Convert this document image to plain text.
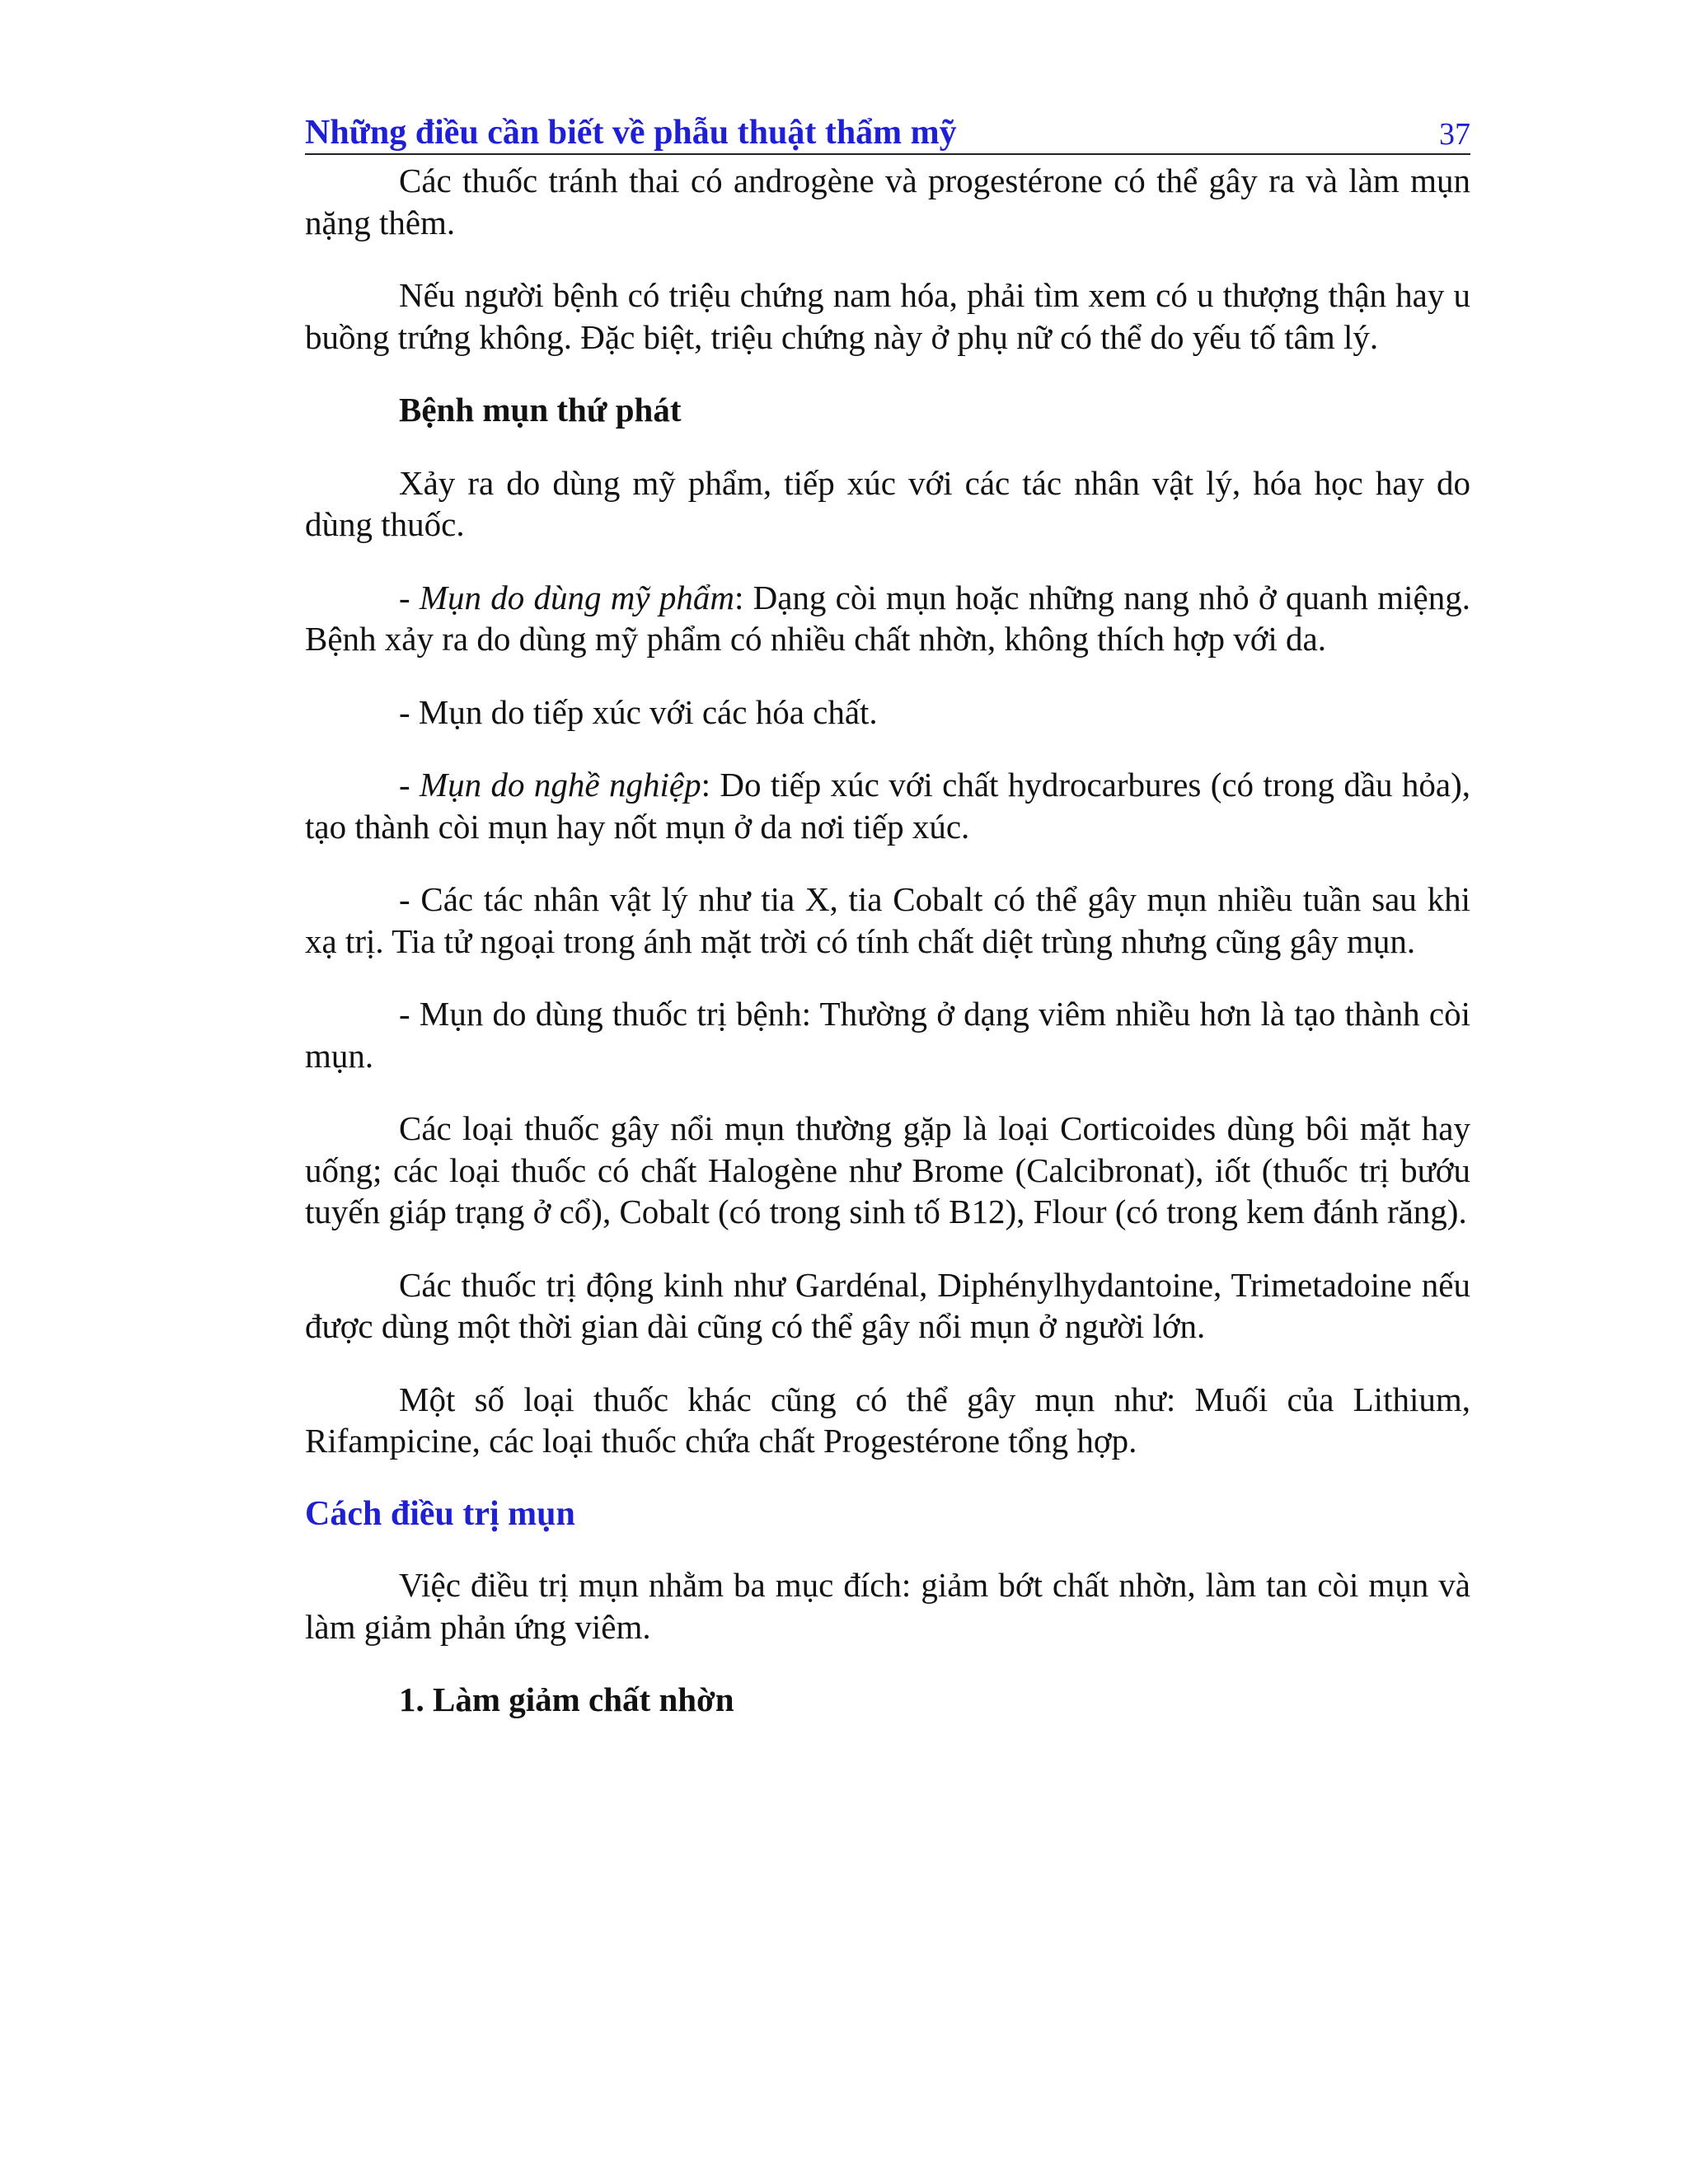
Những điều cần biết về phẫu thuật thẩm mỹ	37

Các thuốc tránh thai có androgène và progestérone có thể gây ra và làm mụn nặng thêm.

Nếu người bệnh có triệu chứng nam hóa, phải tìm xem có u thượng thận hay u buồng trứng không. Đặc biệt, triệu chứng này ở phụ nữ có thể do yếu tố tâm lý.

Bệnh mụn thứ phát

Xảy ra do dùng mỹ phẩm, tiếp xúc với các tác nhân vật lý, hóa học hay do dùng thuốc.

- Mụn do dùng mỹ phẩm: Dạng còi mụn hoặc những nang nhỏ ở quanh miệng. Bệnh xảy ra do dùng mỹ phẩm có nhiều chất nhờn, không thích hợp với da.

- Mụn do tiếp xúc với các hóa chất.

- Mụn do nghề nghiệp: Do tiếp xúc với chất hydrocarbures (có trong dầu hỏa), tạo thành còi mụn hay nốt mụn ở da nơi tiếp xúc.

- Các tác nhân vật lý như tia X, tia Cobalt có thể gây mụn nhiều tuần sau khi xạ trị. Tia tử ngoại trong ánh mặt trời có tính chất diệt trùng nhưng cũng gây mụn.

- Mụn do dùng thuốc trị bệnh: Thường ở dạng viêm nhiều hơn là tạo thành còi mụn.

Các loại thuốc gây nổi mụn thường gặp là loại Corticoides dùng bôi mặt hay uống; các loại thuốc có chất Halogène như Brome (Calcibronat), iốt (thuốc trị bướu tuyến giáp trạng ở cổ), Cobalt (có trong sinh tố B12), Flour (có trong kem đánh răng).

Các thuốc trị động kinh như Gardénal, Diphénylhydantoine, Trimetadoine nếu được dùng một thời gian dài cũng có thể gây nổi mụn ở người lớn.

Một số loại thuốc khác cũng có thể gây mụn như: Muối của Lithium, Rifampicine, các loại thuốc chứa chất Progestérone tổng hợp.

Cách điều trị mụn

Việc điều trị mụn nhằm ba mục đích: giảm bớt chất nhờn, làm tan còi mụn và làm giảm phản ứng viêm.

1. Làm giảm chất nhờn
